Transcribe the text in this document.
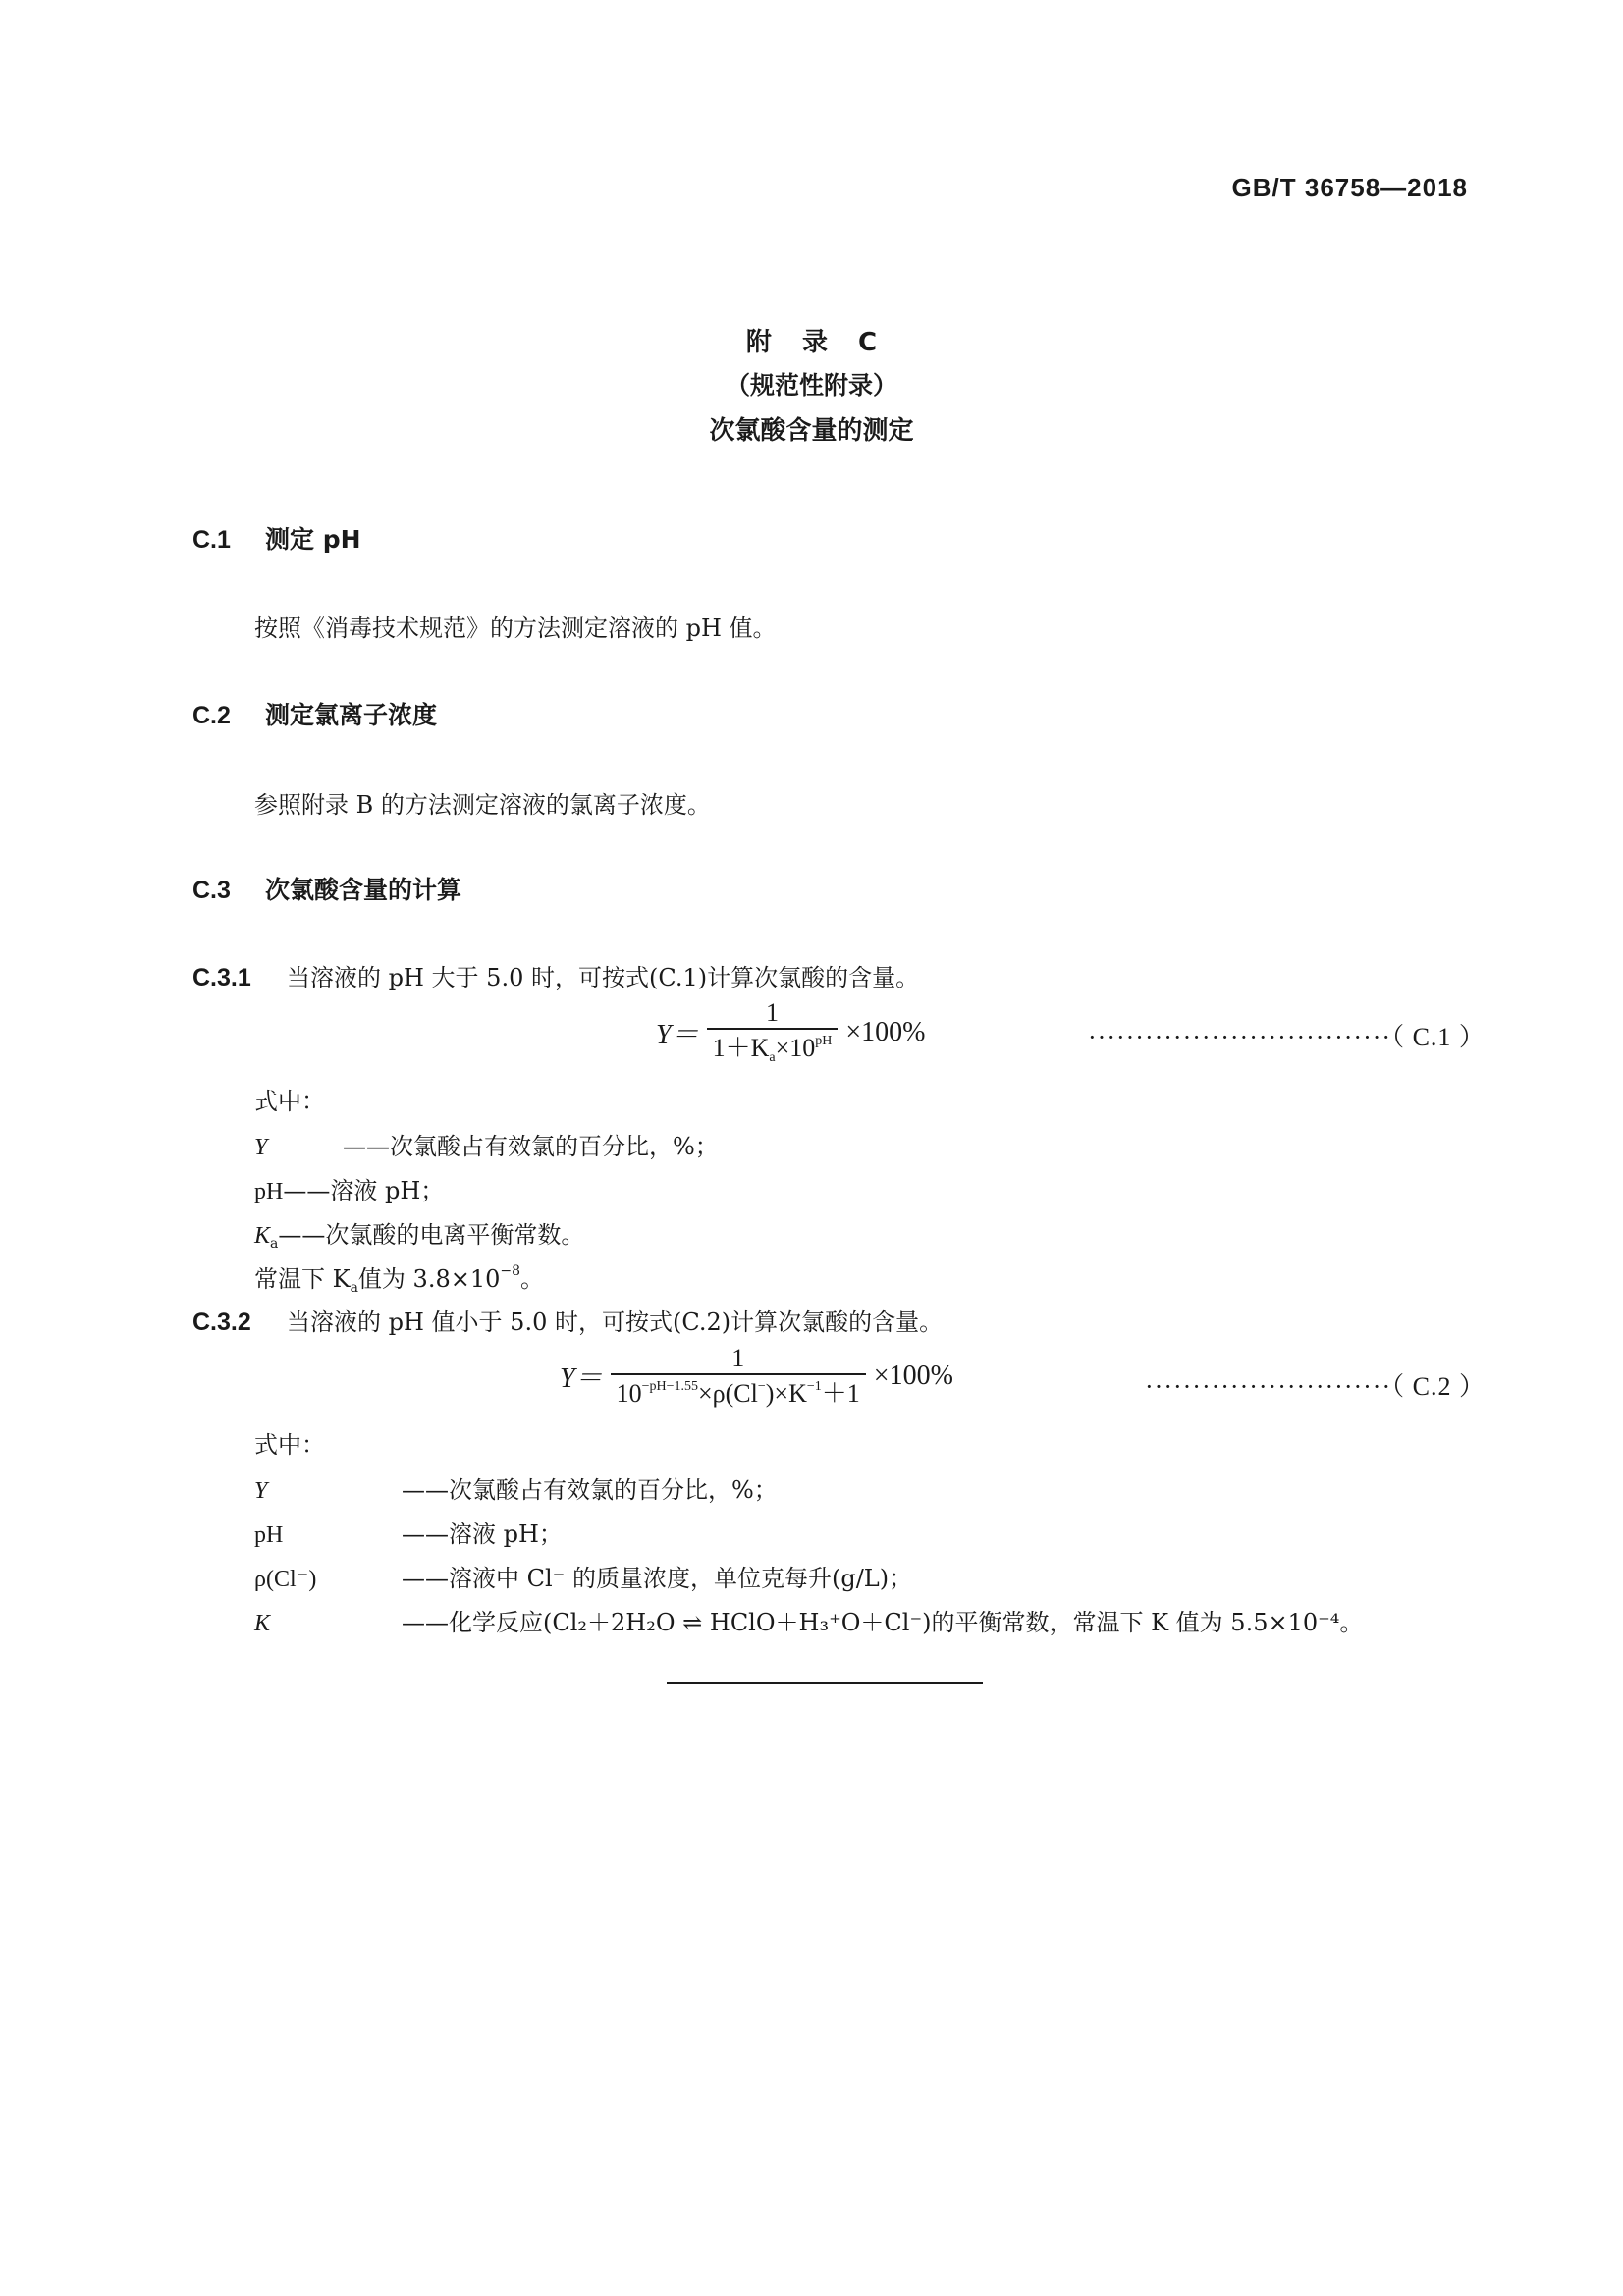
GB/T 36758—2018
附 录 C
（规范性附录）
次氯酸含量的测定
C.1 测定 pH
按照《消毒技术规范》的方法测定溶液的 pH 值。
C.2 测定氯离子浓度
参照附录 B 的方法测定溶液的氯离子浓度。
C.3 次氯酸含量的计算
C.3.1 当溶液的 pH 大于 5.0 时，可按式(C.1)计算次氯酸的含量。
$Y= \frac{1}{1+K_a\times 10^{pH}} \times 100\%$	································（ C.1 ）
式中：
Y	——次氯酸占有效氯的百分比，%；
pH——溶液 pH；
$K_a——$次氯酸的电离平衡常数。
常温下 $K_a$值为 $3.8\times 10^{-8}$。
C.3.2 当溶液的 pH 值小于 5.0 时，可按式(C.2)计算次氯酸的含量。
$Y= \frac{1}{10^{-pH-1.55}\times\rho(Cl^-)\times K^{-1}+1} \times 100\%$	··························（ C.2 ）
式中：
Y	——次氯酸占有效氯的百分比，%；
pH	——溶液 pH；
ρ(Cl⁻)	——溶液中 Cl⁻ 的质量浓度，单位克每升(g/L)；
K	——化学反应(Cl₂＋2H₂O ⇌ HClO＋H₃⁺O＋Cl⁻)的平衡常数，常温下 K 值为 5.5×10⁻⁴。
